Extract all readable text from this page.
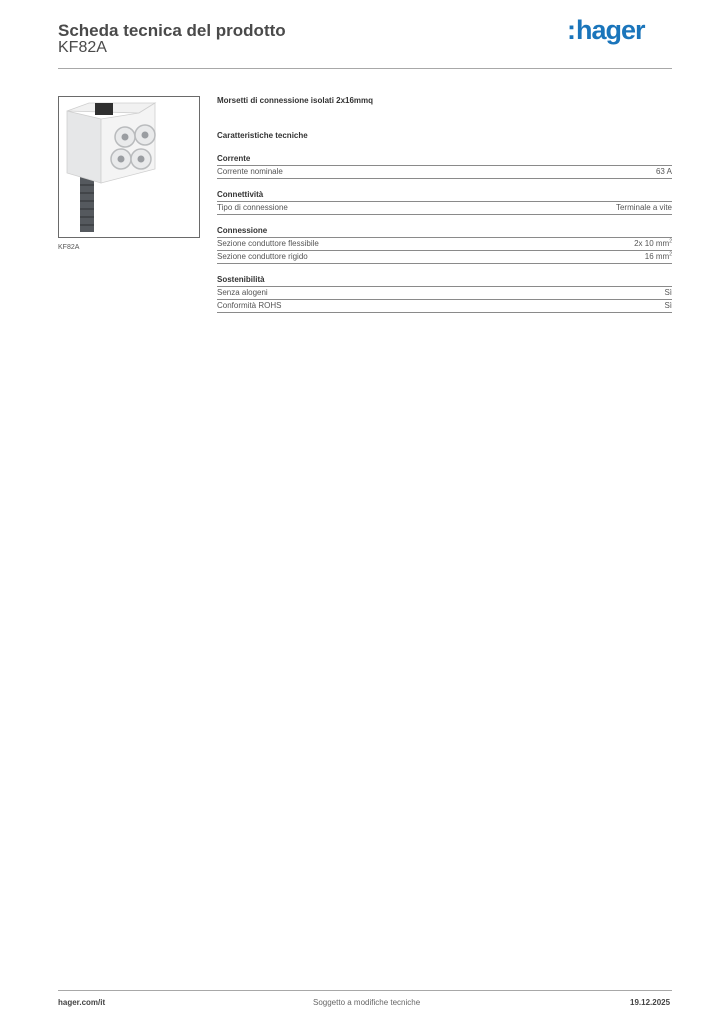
Scheda tecnica del prodotto
KF82A
:hager
KF82A
Morsetti di connessione isolati 2x16mmq
Caratteristiche tecniche
Corrente
Corrente nominale	63 A
Connettività
Tipo di connessione	Terminale a vite
Connessione
Sezione conduttore flessibile	2x 10 $mm^2$
Sezione conduttore rigido	16 $mm^2$
Sostenibilità
Senza alogeni	Sì
Conformità ROHS	Sì
hager.com/it	Soggetto a modifiche tecniche	19.12.2025
